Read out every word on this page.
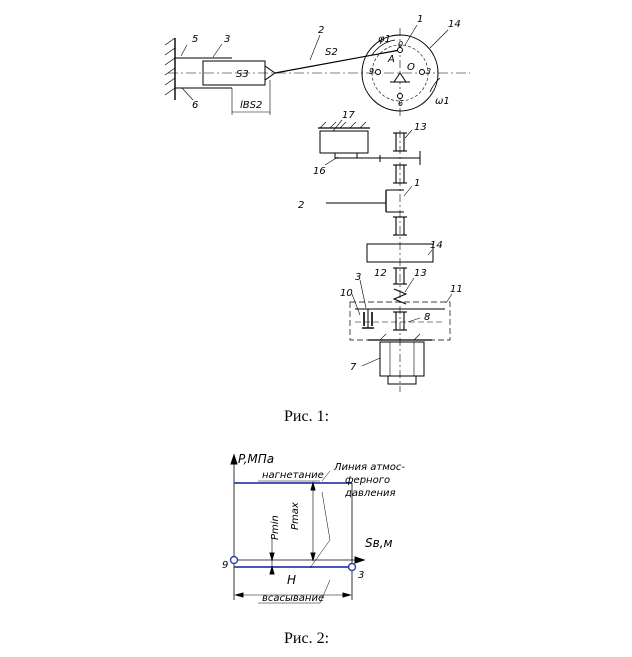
5	3
2
1 14
6
S2
S3
φ1
A
O
9	3
6
0
ω1
lBS2
17
13
16
1
2
14
3 12	13
11
10
8
7
P,МПа
нагнетание
Линия атмос-
ферного
давления
Pmin Pmax
Sв,м
9
3
H
всасывание
Рис. 1:
Рис. 2:
